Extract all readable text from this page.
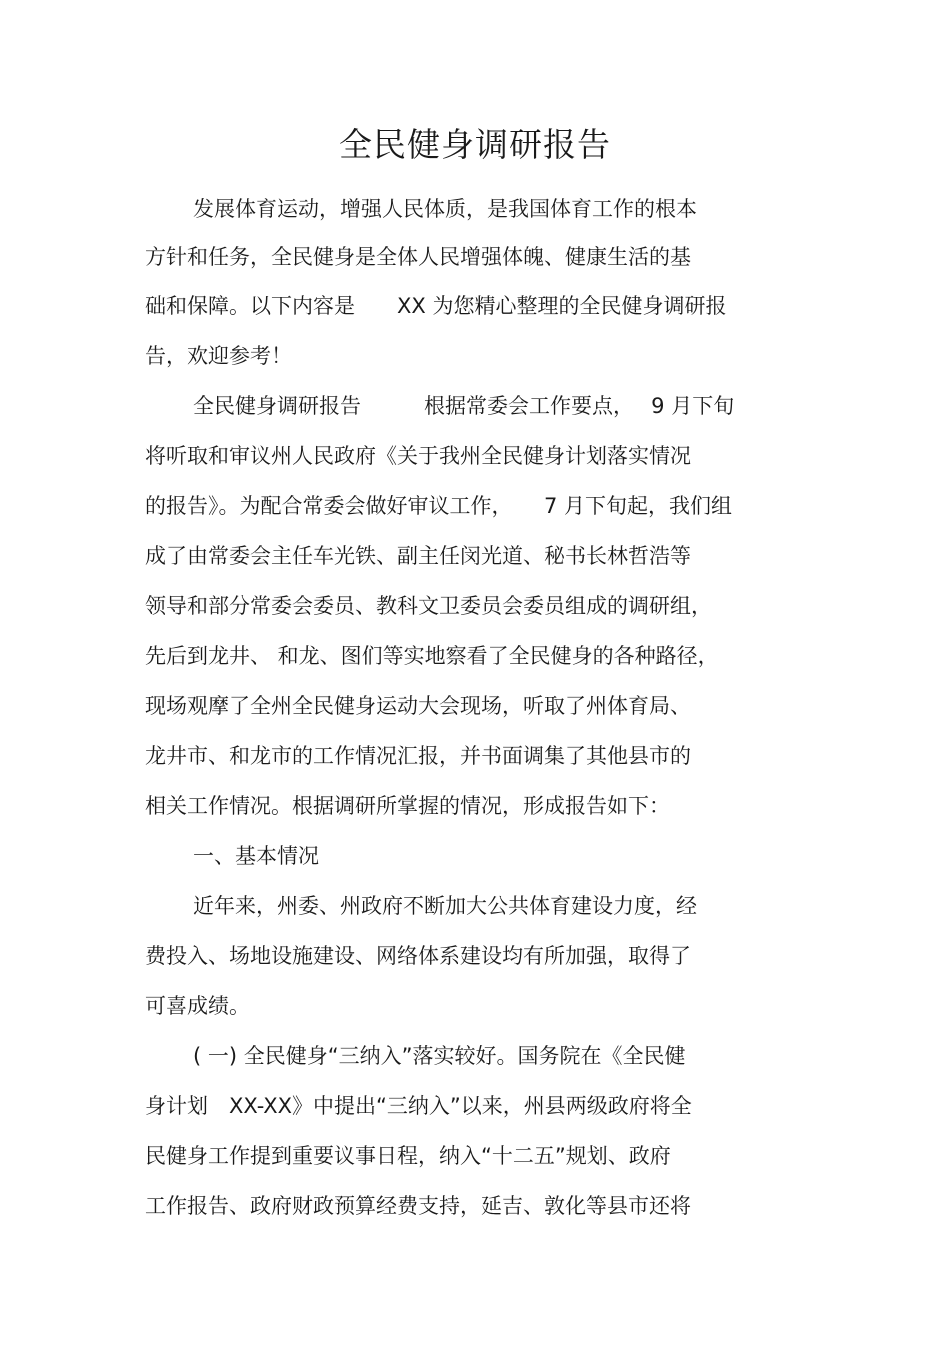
全民健身调研报告
发展体育运动，增强人民体质，是我国体育工作的根本
方针和任务，全民健身是全体人民增强体魄、健康生活的基
础和保障。以下内容是　　XX 为您精心整理的全民健身调研报
告，欢迎参考！
全民健身调研报告　　　根据常委会工作要点，　 9 月下旬
将听取和审议州人民政府《关于我州全民健身计划落实情况
的报告》。为配合常委会做好审议工作，　　7 月下旬起，我们组
成了由常委会主任车光铁、副主任闵光道、秘书长林哲浩等
领导和部分常委会委员、教科文卫委员会委员组成的调研组，
先后到龙井、 和龙、图们等实地察看了全民健身的各种路径，
现场观摩了全州全民健身运动大会现场，听取了州体育局、
龙井市、和龙市的工作情况汇报，并书面调集了其他县市的
相关工作情况。根据调研所掌握的情况，形成报告如下：
一、基本情况
近年来，州委、州政府不断加大公共体育建设力度，经
费投入、场地设施建设、网络体系建设均有所加强，取得了
可喜成绩。
( 一) 全民健身“三纳入”落实较好。国务院在《全民健
身计划　XX-XX》中提出“三纳入”以来，州县两级政府将全
民健身工作提到重要议事日程，纳入“十二五”规划、政府
工作报告、政府财政预算经费支持，延吉、敦化等县市还将
